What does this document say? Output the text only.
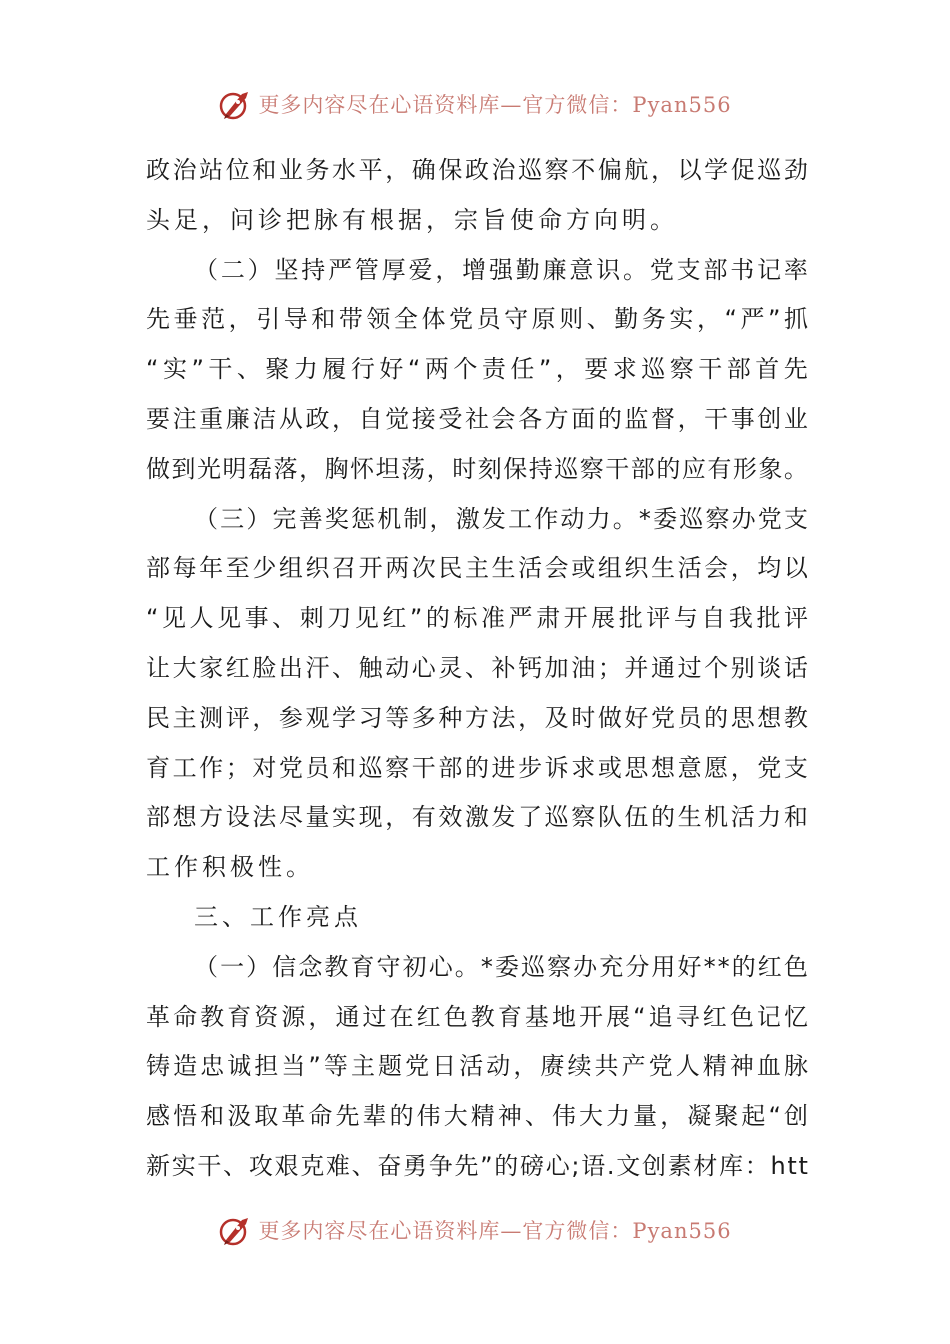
更多内容尽在心语资料库—官方微信：Pyan556
政 治 站 位 和 业 务 水 平 ， 确 保 政 治 巡 察 不 偏 航 ， 以 学 促 巡 劲
头足，问诊把脉有根据，宗旨使命方向明。
（ 二 ） 坚 持 严 管 厚 爱 ， 增 强 勤 廉 意 识 。 党 支 部 书 记 率
先 垂 范 ， 引 导 和 带 领 全 体 党 员 守 原 则 、 勤 务 实 ， “ 严 ” 抓
“ 实 ” 干 、 聚 力 履 行 好 “ 两 个 责 任 ” ， 要 求 巡 察 干 部 首 先
要 注 重 廉 洁 从 政 ， 自 觉 接 受 社 会 各 方 面 的 监 督 ， 干 事 创 业
做 到 光 明 磊 落 ， 胸 怀 坦 荡 ， 时 刻 保 持 巡 察 干 部 的 应 有 形 象 。
（ 三 ） 完 善 奖 惩 机 制 ， 激 发 工 作 动 力 。 * 委 巡 察 办 党 支
部 每 年 至 少 组 织 召 开 两 次 民 主 生 活 会 或 组 织 生 活 会 ， 均 以
“ 见 人 见 事 、 刺 刀 见 红 ” 的 标 准 严 肃 开 展 批 评 与 自 我 批 评
让 大 家 红 脸 出 汗 、 触 动 心 灵 、 补 钙 加 油 ； 并 通 过 个 别 谈 话
民 主 测 评 ， 参 观 学 习 等 多 种 方 法 ， 及 时 做 好 党 员 的 思 想 教
育 工 作 ； 对 党 员 和 巡 察 干 部 的 进 步 诉 求 或 思 想 意 愿 ， 党 支
部 想 方 设 法 尽 量 实 现 ， 有 效 激 发 了 巡 察 队 伍 的 生 机 活 力 和
工作积极性。
三、工作亮点
（ 一 ） 信 念 教 育 守 初 心 。 * 委 巡 察 办 充 分 用 好 * * 的 红 色
革 命 教 育 资 源 ， 通 过 在 红 色 教 育 基 地 开 展 “ 追 寻 红 色 记 忆
铸 造 忠 诚 担 当 ” 等 主 题 党 日 活 动 ， 赓 续 共 产 党 人 精 神 血 脉
感 悟 和 汲 取 革 命 先 辈 的 伟 大 精 神 、 伟 大 力 量 ， 凝 聚 起 “ 创
新 实 干 、 攻 艰 克 难 、 奋 勇 争 先 ” 的 磅 心 ; 语 . 文 创 素 材 库 ： h t t
更多内容尽在心语资料库—官方微信：Pyan556
